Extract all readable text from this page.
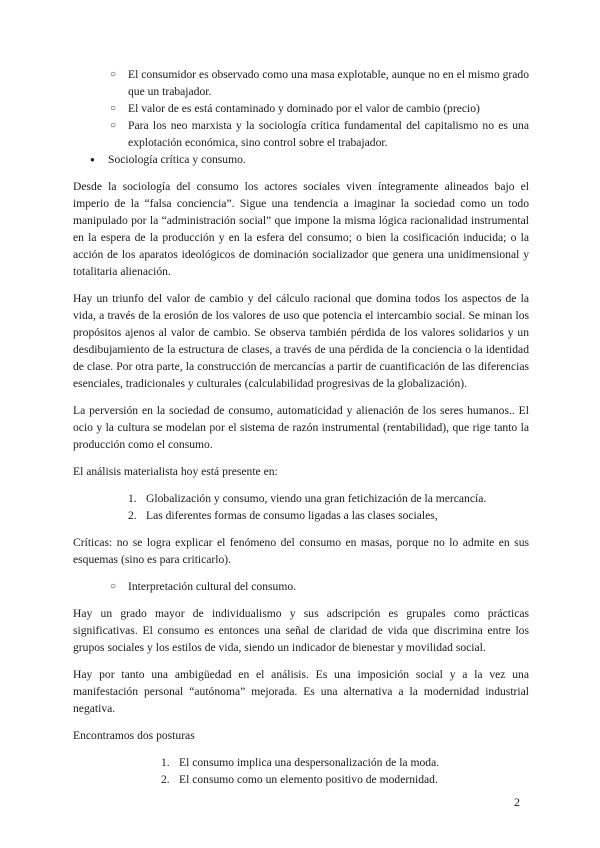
○ El consumidor es observado como una masa explotable, aunque no en el mismo grado que un trabajador.
○ El valor de es está contaminado y dominado por el valor de cambio (precio)
○ Para los neo marxista y la sociología crítica fundamental del capitalismo no es una explotación económica, sino control sobre el trabajador.
● Sociología crítica y consumo.

Desde la sociología del consumo los actores sociales viven íntegramente alineados bajo el imperio de la “falsa conciencia”. Sigue una tendencia a imaginar la sociedad como un todo manipulado por la “administración social” que impone la misma lógica racionalidad instrumental en la espera de la producción y en la esfera del consumo; o bien la cosificación inducida; o la acción de los aparatos ideológicos de dominación socializador que genera una unidimensional y totalitaria alienación.

Hay un triunfo del valor de cambio y del cálculo racional que domina todos los aspectos de la vida, a través de la erosión de los valores de uso que potencia el intercambio social. Se minan los propósitos ajenos al valor de cambio. Se observa también pérdida de los valores solidarios y un desdibujamiento de la estructura de clases, a través de una pérdida de la conciencia o la identidad de clase. Por otra parte, la construcción de mercancías a partir de cuantificación de las diferencias esenciales, tradicionales y culturales (calculabilidad progresivas de la globalización).

La perversión en la sociedad de consumo, automaticidad y alienación de los seres humanos.. El ocio y la cultura se modelan por el sistema de razón instrumental (rentabilidad), que rige tanto la producción como el consumo.

El análisis materialista hoy está presente en:

1. Globalización y consumo, viendo una gran fetichización de la mercancía.
2. Las diferentes formas de consumo ligadas a las clases sociales,

Críticas: no se logra explicar el fenómeno del consumo en masas, porque no lo admite en sus esquemas (sino es para criticarlo).

○ Interpretación cultural del consumo.

Hay un grado mayor de individualismo y sus adscripción es grupales como prácticas significativas. El consumo es entonces una señal de claridad de vida que discrimina entre los grupos sociales y los estilos de vida, siendo un indicador de bienestar y movilidad social.

Hay por tanto una ambigüedad en el análisis. Es una imposición social y a la vez una manifestación personal “autónoma” mejorada. Es una alternativa a la modernidad industrial negativa.

Encontramos dos posturas

1. El consumo implica una despersonalización de la moda.
2. El consumo como un elemento positivo de modernidad.
2
